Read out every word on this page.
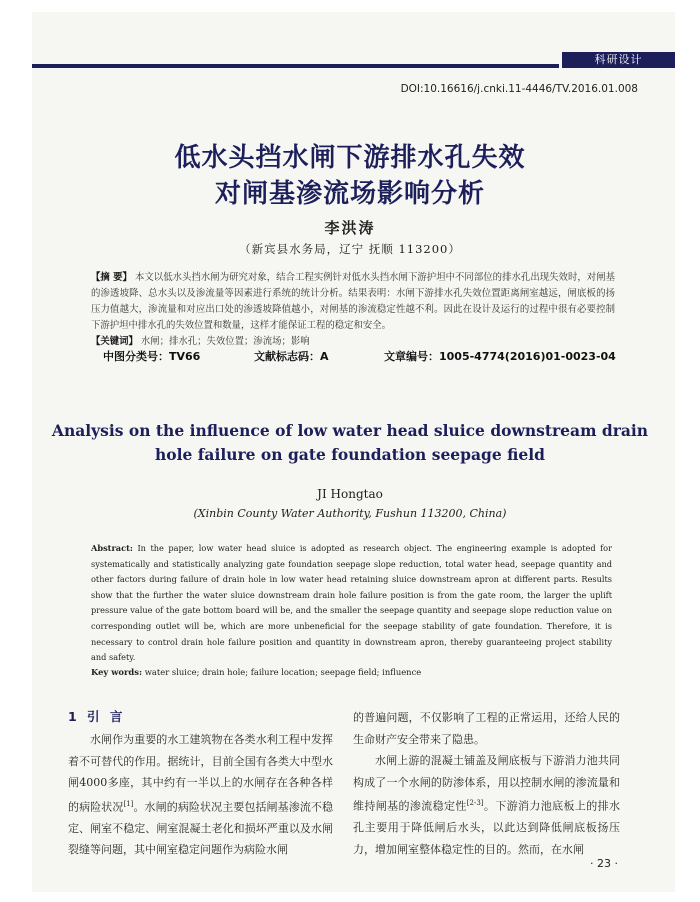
科研设计
DOI:10.16616/j.cnki.11-4446/TV.2016.01.008
低水头挡水闸下游排水孔失效
对闸基渗流场影响分析
李洪涛
（新宾县水务局，辽宁 抚顺 113200）
【摘 要】 本文以低水头挡水闸为研究对象，结合工程实例针对低水头挡水闸下游护坦中不同部位的排水孔出现失效时，对闸基的渗透坡降、总水头以及渗流量等因素进行系统的统计分析。结果表明：水闸下游排水孔失效位置距离闸室越远，闸底板的扬压力值越大，渗流量和对应出口处的渗透坡降值越小，对闸基的渗流稳定性越不利。因此在设计及运行的过程中很有必要控制下游护坦中排水孔的失效位置和数量，这样才能保证工程的稳定和安全。
【关键词】 水闸；排水孔；失效位置；渗流场；影响
中图分类号：TV66	文献标志码：A	文章编号：1005-4774(2016)01-0023-04
Analysis on the influence of low water head sluice downstream drain
hole failure on gate foundation seepage field
JI Hongtao
(Xinbin County Water Authority, Fushun 113200, China)
Abstract: In the paper, low water head sluice is adopted as research object. The engineering example is adopted for systematically and statistically analyzing gate foundation seepage slope reduction, total water head, seepage quantity and other factors during failure of drain hole in low water head retaining sluice downstream apron at different parts. Results show that the further the water sluice downstream drain hole failure position is from the gate room, the larger the uplift pressure value of the gate bottom board will be, and the smaller the seepage quantity and seepage slope reduction value on corresponding outlet will be, which are more unbeneficial for the seepage stability of gate foundation. Therefore, it is necessary to control drain hole failure position and quantity in downstream apron, thereby guaranteeing project stability and safety.
Key words: water sluice; drain hole; failure location; seepage field; influence
1 引 言

水闸作为重要的水工建筑物在各类水利工程中发挥着不可替代的作用。据统计，目前全国有各类大中型水闸4000多座，其中约有一半以上的水闸存在各种各样的病险状况[1]。水闸的病险状况主要包括闸基渗流不稳定、闸室不稳定、闸室混凝土老化和损坏严重以及水闸裂缝等问题，其中闸室稳定问题作为病险水闸

的普遍问题，不仅影响了工程的正常运用，还给人民的生命财产安全带来了隐患。

水闸上游的混凝土铺盖及闸底板与下游消力池共同构成了一个水闸的防渗体系，用以控制水闸的渗流量和维持闸基的渗流稳定性[2-3]。下游消力池底板上的排水孔主要用于降低闸后水头，以此达到降低闸底板扬压力，增加闸室整体稳定性的目的。然而，在水闸

· 23 ·
